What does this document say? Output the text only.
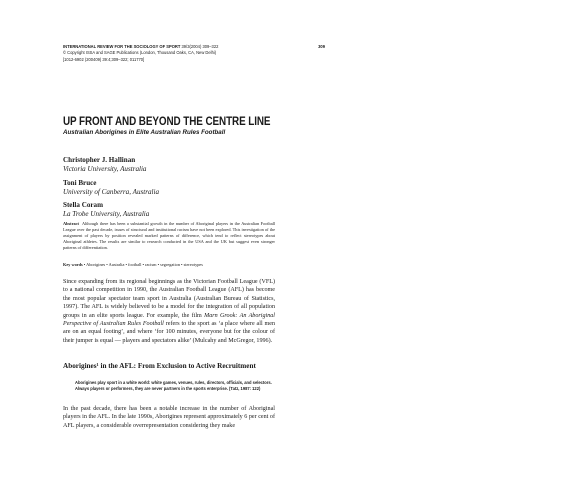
INTERNATIONAL REVIEW FOR THE SOCIOLOGY OF SPORT 39/3(2004) 309–322	309
© Copyright ISSA and SAGE Publications (London, Thousand Oaks, CA, New Delhi)
[1012-6902 (200409) 39:4;309–322; 011770]
UP FRONT AND BEYOND THE CENTRE LINE
Australian Aborigines in Elite Australian Rules Football
Christopher J. Hallinan
Victoria University, Australia
Toni Bruce
University of Canberra, Australia
Stella Coram
La Trobe University, Australia
Abstract Although there has been a substantial growth in the number of Aboriginal players in the Australian Football League over the past decade, issues of structural and institutional racism have not been explored. This investigation of the assignment of players by position revealed marked patterns of difference, which tend to reflect stereotypes about Aboriginal athletes. The results are similar to research conducted in the USA and the UK but suggest even stronger patterns of differentiation.
Key words • Aborigines • Australia • football • racism • segregation • stereotypes
Since expanding from its regional beginnings as the Victorian Football League (VFL) to a national competition in 1990, the Australian Football League (AFL) has become the most popular spectator team sport in Australia (Australian Bureau of Statistics, 1997). The AFL is widely believed to be a model for the integration of all population groups in an elite sports league. For example, the film Marn Grook: An Aboriginal Perspective of Australian Rules Football refers to the sport as ‘a place where all men are on an equal footing’, and where ‘for 100 minutes, everyone but for the colour of their jumper is equal — players and spectators alike’ (Mulcahy and McGregor, 1996).
Aborigines¹ in the AFL: From Exclusion to Active Recruitment
Aborigines play sport in a white world: white games, venues, rules, directors, officials, and selectors. Always players or performers, they are never partners in the sports enterprise. (Tatz, 1987: 122)
In the past decade, there has been a notable increase in the number of Aboriginal players in the AFL. In the late 1990s, Aborigines represent approximately 6 per cent of AFL players, a considerable overrepresentation considering they make
